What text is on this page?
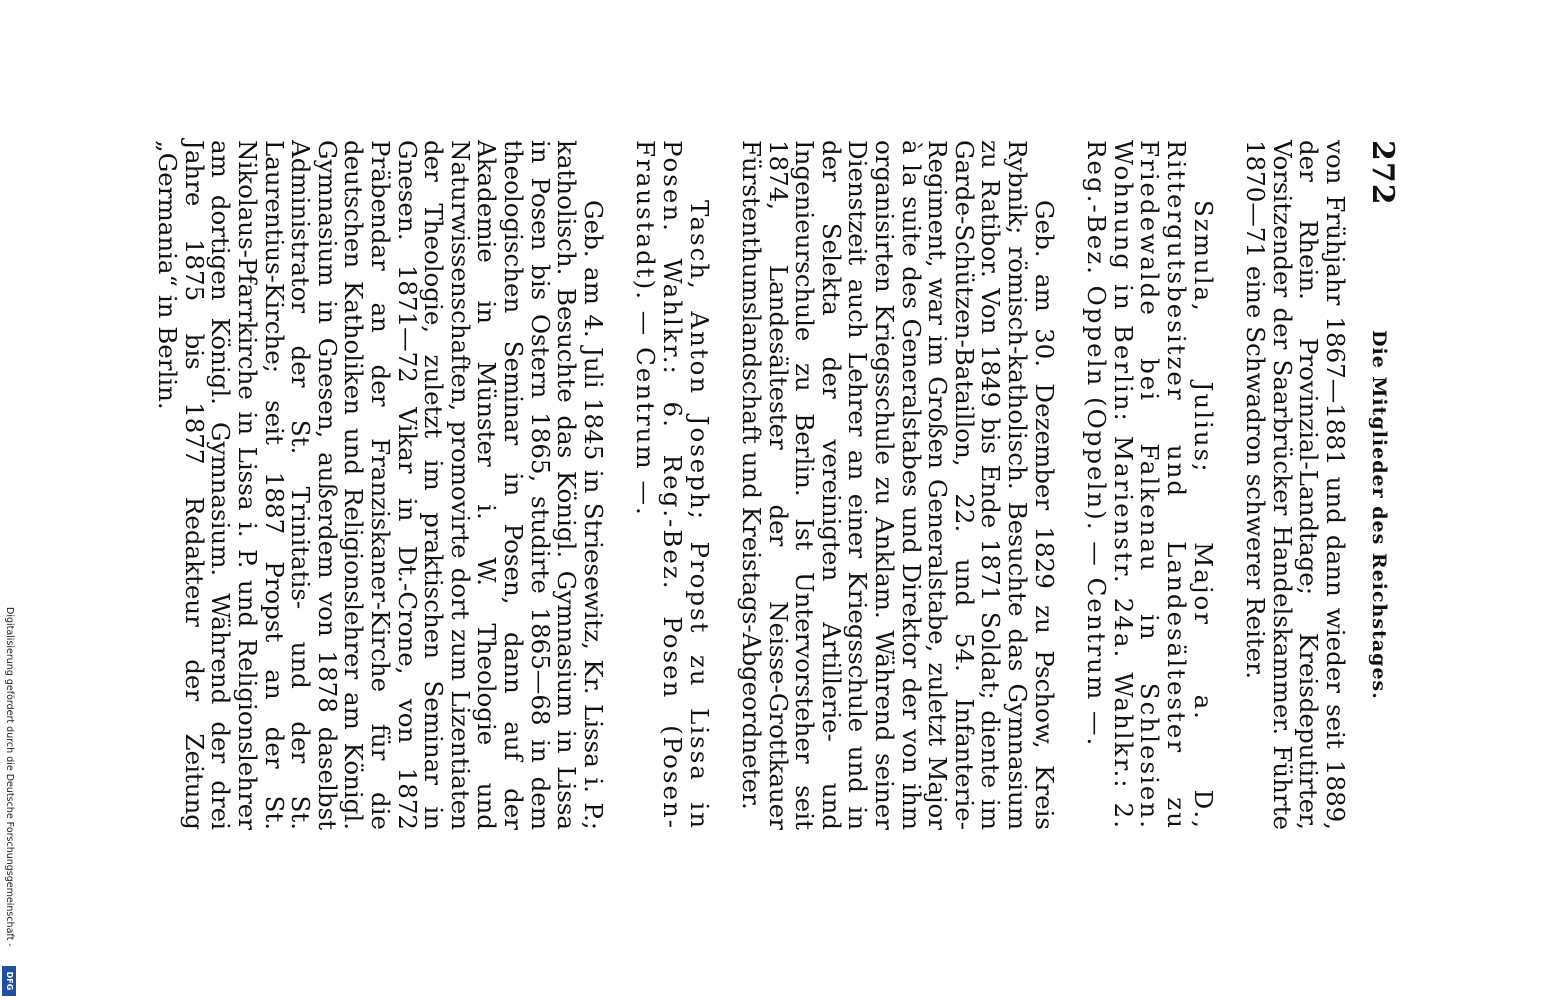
272
Die Mitglieder des Reichstages.

von Frühjahr 1867—1881 und dann wieder seit 1889, der Rhein. Provinzial-Landtage; Kreisdeputirter, Vorsitzender der Saarbrücker Handelskammer. Führte 1870—71 eine Schwadron schwerer Reiter.

Szmula, Julius; Major a. D., Rittergutsbesitzer und Landesältester zu Friedewalde bei Falkenau in Schlesien. Wohnung in Berlin: Marienstr. 24a. Wahlkr.: 2. Reg.-Bez. Oppeln (Oppeln). — Centrum —.

Geb. am 30. Dezember 1829 zu Pschow, Kreis Rybnik; römisch-katholisch. Besuchte das Gymnasium zu Ratibor. Von 1849 bis Ende 1871 Soldat; diente im Garde-Schützen-Bataillon, 22. und 54. Infanterie-Regiment, war im Großen Generalstabe, zuletzt Major à la suite des Generalstabes und Direktor der von ihm organisirten Kriegsschule zu Anklam. Während seiner Dienstzeit auch Lehrer an einer Kriegsschule und in der Selekta der vereinigten Artillerie- und Ingenieurschule zu Berlin. Ist Untervorsteher seit 1874, Landesältester der Neisse-Grottkauer Fürstenthumslandschaft und Kreistags-Abgeordneter.

Tasch, Anton Joseph; Propst zu Lissa in Posen. Wahlkr.: 6. Reg.-Bez. Posen (Posen-Fraustadt). — Centrum —.

Geb. am 4. Juli 1845 in Striesewitz, Kr. Lissa i. P.; katholisch. Besuchte das Königl. Gymnasium in Lissa in Posen bis Ostern 1865, studirte 1865—68 in dem theologischen Seminar in Posen, dann auf der Akademie in Münster i. W. Theologie und Naturwissenschaften, promovirte dort zum Lizentiaten der Theologie, zuletzt im praktischen Seminar in Gnesen. 1871—72 Vikar in Dt.-Crone, von 1872 Präbendar an der Franziskaner-Kirche für die deutschen Katholiken und Religionslehrer am Königl. Gymnasium in Gnesen, außerdem von 1878 daselbst Administrator der St. Trinitatis- und der St. Laurentius-Kirche; seit 1887 Propst an der St. Nikolaus-Pfarrkirche in Lissa i. P. und Religionslehrer am dortigen Königl. Gymnasium. Während der drei Jahre 1875 bis 1877 Redakteur der Zeitung „Germania“ in Berlin.

Digitalisierung gefördert durch die Deutsche Forschungsgemeinschaft -
DFG
